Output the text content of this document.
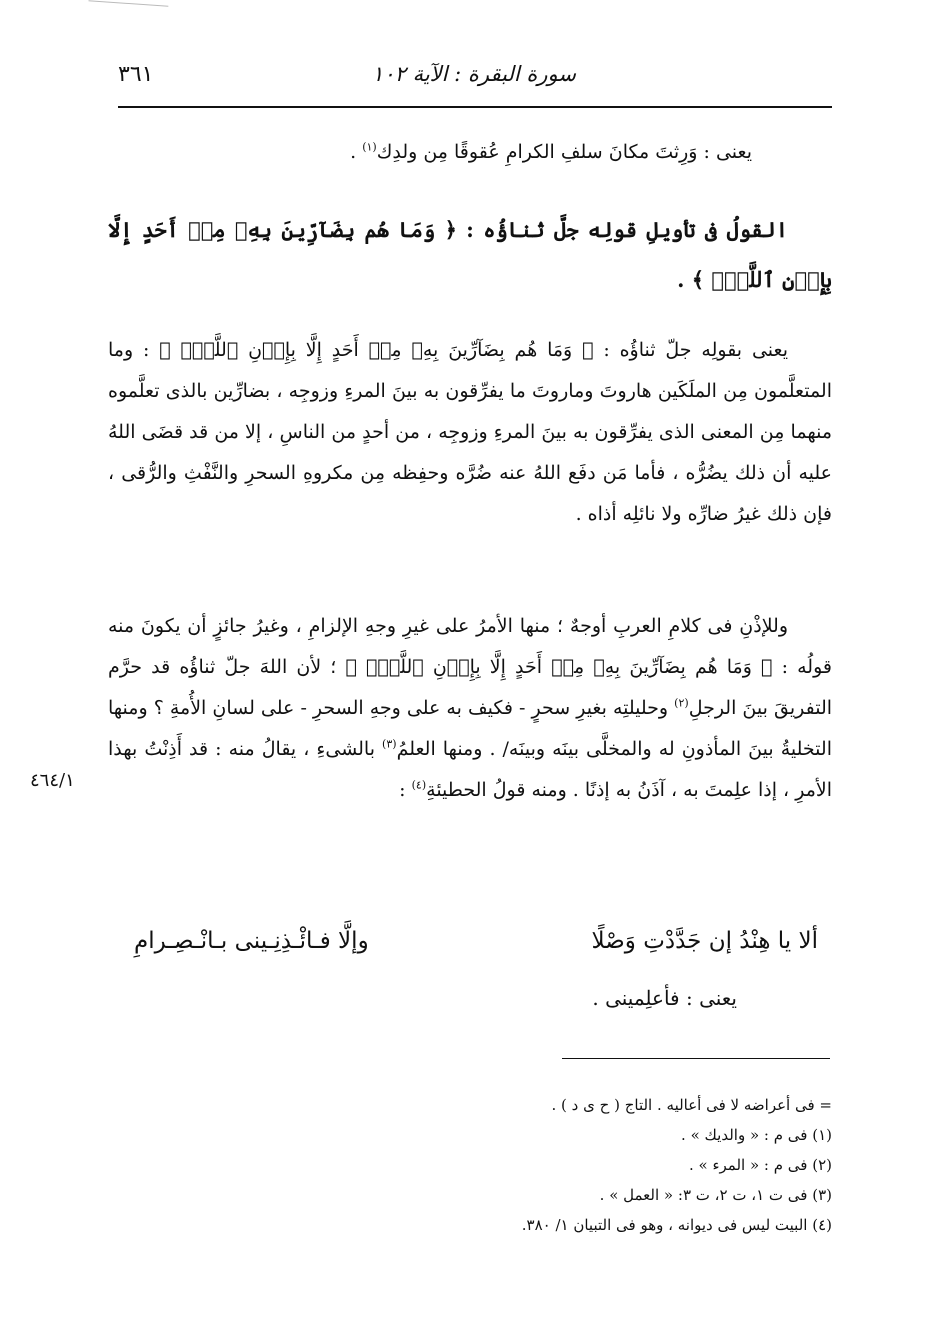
سورة البقرة : الآية ١٠٢
٣٦١

يعنى : وَرِثتَ مكانَ سلفِ الكرامِ عُقوقًا مِن ولدِك$^{(١)}$ .

القولُ فى تأويلِ قولِه جلَّ ثناؤُه : ﴿ وَمَا هُم بِضَآرِّينَ بِهِۦ مِنۡ أَحَدٍ إِلَّا بِإِذۡنِ ٱللَّهِۚ ﴾ .

يعنى بقولِه جلّ ثناؤُه : ﴿ وَمَا هُم بِضَآرِّينَ بِهِۦ مِنۡ أَحَدٍ إِلَّا بِإِذۡنِ ٱللَّهِۚ ﴾ : وما المتعلَّمون مِن الملَكَين هاروتَ وماروتَ ما يفرِّقون به بينَ المرءِ وزوجِه ، بضارِّين بالذى تعلَّموه منهما مِن المعنى الذى يفرِّقون به بينَ المرءِ وزوجِه ، من أحدٍ من الناسِ ، إلا من قد قضَى اللهُ عليه أن ذلك يضُرُّه ، فأما مَن دفَع اللهُ عنه ضُرَّه وحفِظه مِن مكروهِ السحرِ والنَّفْثِ والرُّقى ، فإن ذلك غيرُ ضارِّه ولا نائلِه أذاه .

وللإذْنِ فى كلامِ العربِ أوجهٌ ؛ منها الأمرُ على غيرِ وجهِ الإلزامِ ، وغيرُ جائزٍ أن يكونَ منه قولُه : ﴿ وَمَا هُم بِضَآرِّينَ بِهِۦ مِنۡ أَحَدٍ إِلَّا بِإِذۡنِ ٱللَّهِۚ ﴾ ؛ لأن اللهَ جلّ ثناؤُه قد حرَّم التفريقَ بينَ الرجلِ$^{(٢)}$ وحليلتِه بغيرِ سحرٍ - فكيف به على وجهِ السحرِ - على لسانِ الأُمةِ ؟ ومنها التخليةُ بينَ المأذونِ له والمخلَّى بينَه وبينَه/ . ومنها العلمُ$^{(٣)}$ بالشىءِ ، يقالُ منه : قد أَذِنْتُ بهذا الأمرِ ، إذا علِمتَ به ، آذَنُ به إذنًا . ومنه قولُ الحطيئةِ$^{(٤)}$ :

٤٦٤/١
ألا يا هِنْدُ إن جَدَّدْتِ وَصْلًا
وإلَّا فـائْـذِنِـينى بـانْـصِـرامِ
يعنى : فأعلِمينى .
= فى أعراضه لا فى أعاليه . التاج ( ح ى د ) .
(١) فى م : « والديك » .
(٢) فى م : « المرء » .
(٣) فى ت ١، ت ٢، ت ٣: « العمل » .
(٤) البيت ليس فى ديوانه ، وهو فى التبيان ١/ ٣٨٠.
